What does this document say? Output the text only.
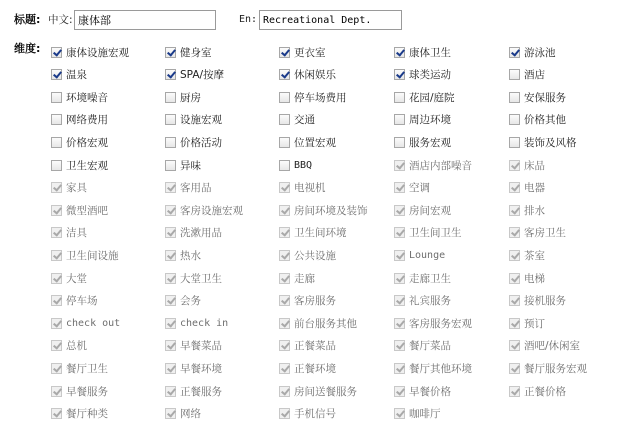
标题: 中文:
康体部	En:
Recreational Dept.
维度: 康体设施宏观	健身室	更衣室	康体卫生	游泳池
温泉	SPA/按摩	休闲娱乐	球类运动	酒店
环境噪音	厨房	停车场费用	花园/庭院	安保服务
网络费用	设施宏观	交通	周边环境	价格其他
价格宏观	价格活动	位置宏观	服务宏观	装饰及风格
卫生宏观	异味	BBQ	酒店内部噪音	床品
家具	客用品	电视机	空调	电器
微型酒吧	客房设施宏观	房间环境及装饰	房间宏观	排水
洁具	洗漱用品	卫生间环境	卫生间卫生	客房卫生
卫生间设施	热水	公共设施	Lounge	茶室
大堂	大堂卫生	走廊	走廊卫生	电梯
停车场	会务	客房服务	礼宾服务	接机服务
check out	check in	前台服务其他	客房服务宏观	预订
总机	早餐菜品	正餐菜品	餐厅菜品	酒吧/休闲室
餐厅卫生	早餐环境	正餐环境	餐厅其他环境	餐厅服务宏观
早餐服务	正餐服务	房间送餐服务	早餐价格	正餐价格
餐厅种类	网络	手机信号	咖啡厅
